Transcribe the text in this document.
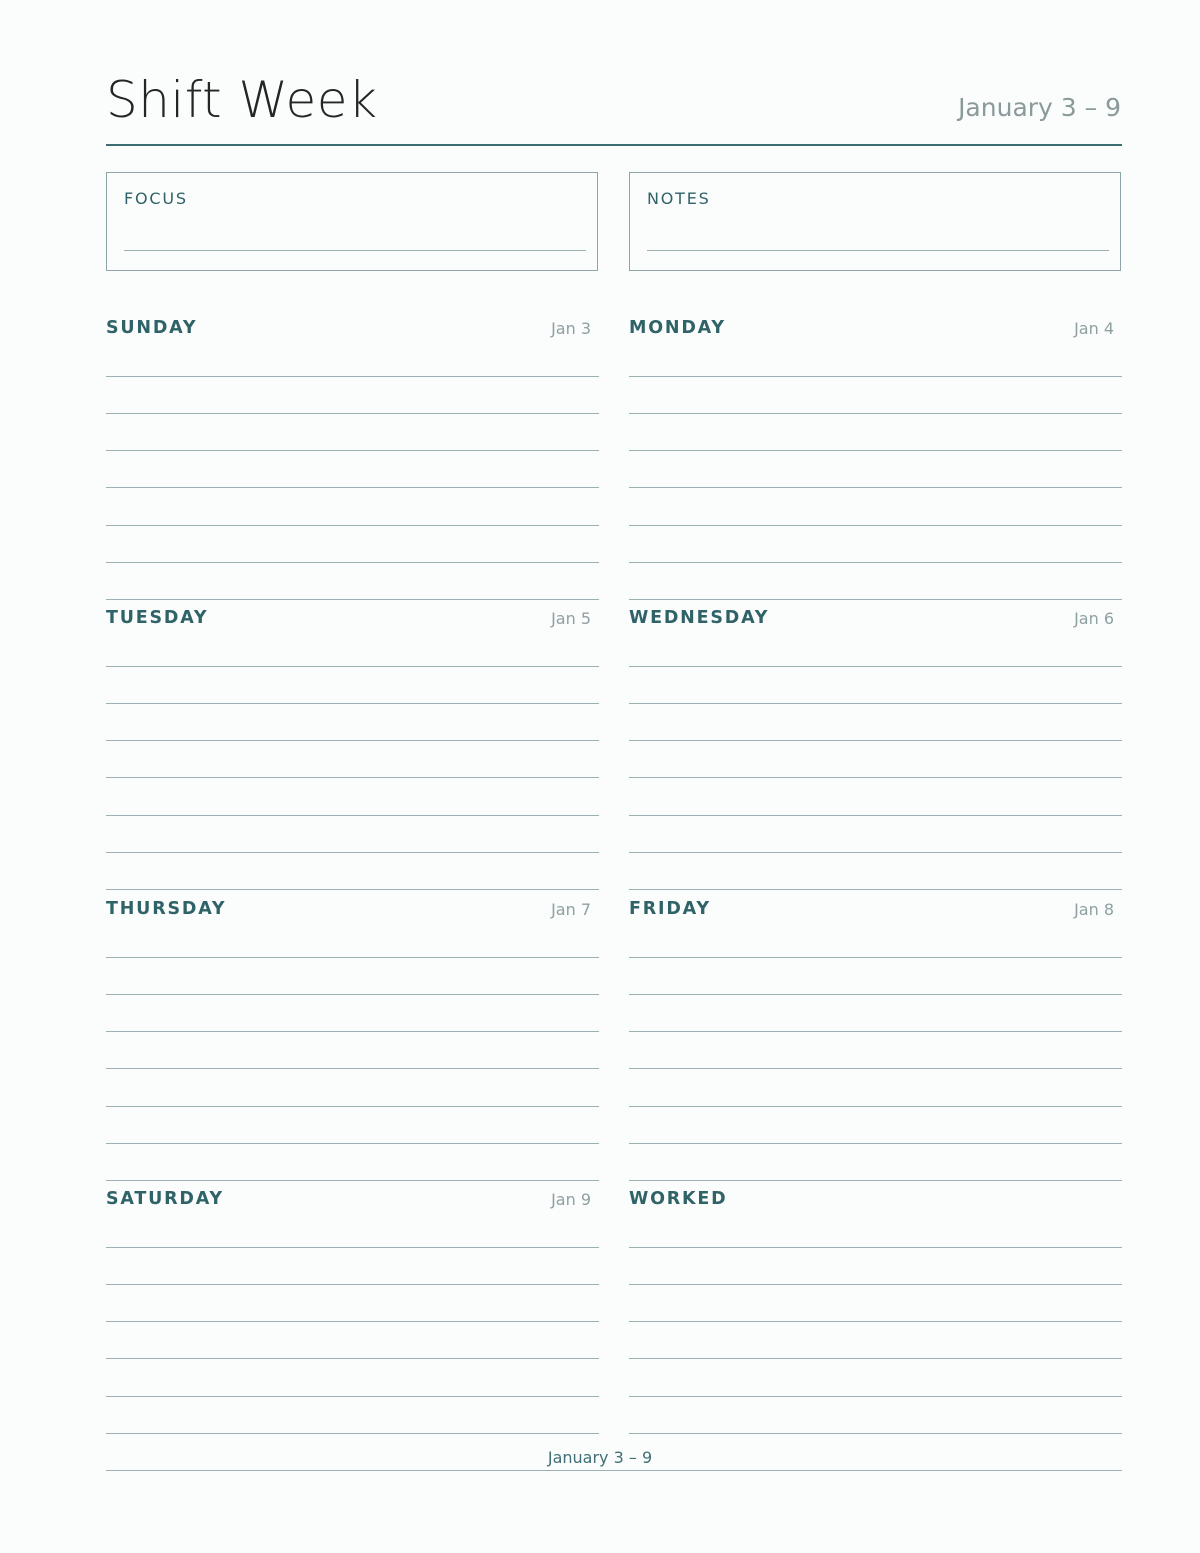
Shift Week	January 3 – 9
FOCUS	NOTES
SUNDAY	Jan 3 MONDAY	Jan 4
TUESDAY	Jan 5 WEDNESDAY	Jan 6
THURSDAY	Jan 7 FRIDAY	Jan 8
SATURDAY	Jan 9 WORKED
January 3 – 9
